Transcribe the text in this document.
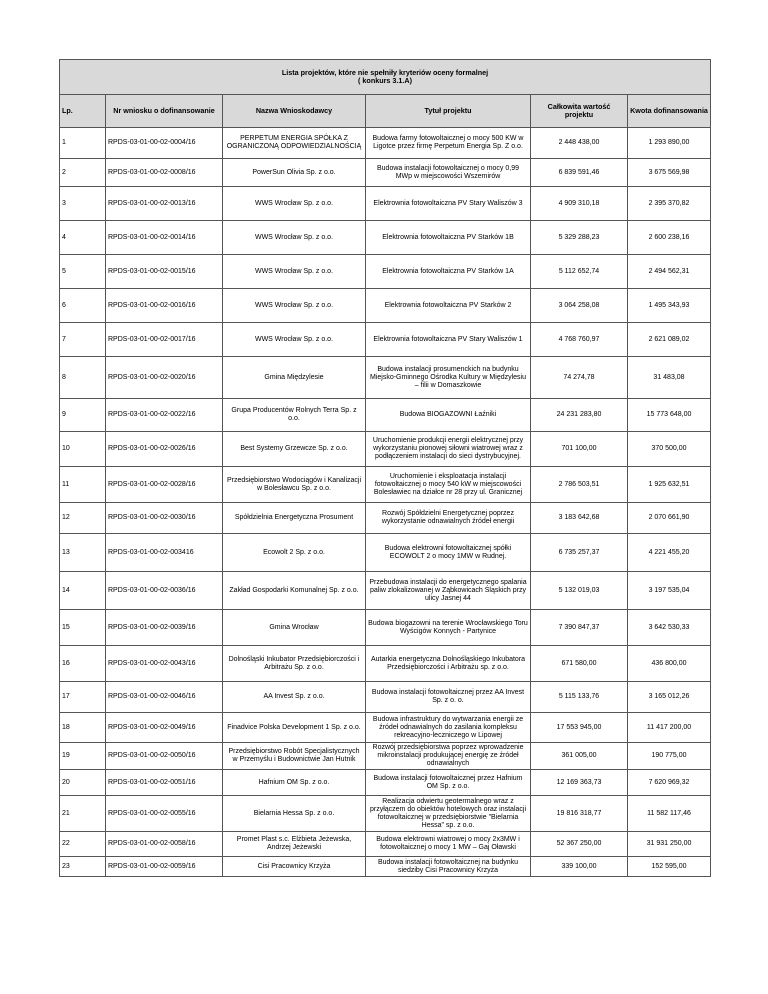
Lista projektów, które nie spełniły kryteriów oceny formalnej
( konkurs 3.1.A)					

Lp.	Nr wniosku o dofinansowanie	Nazwa Wnioskodawcy	Tytuł projektu	Całkowita wartość projektu	Kwota dofinansowania
1	RPDS-03-01-00-02-0004/16	PERPETUM ENERGIA SPÓŁKA Z OGRANICZONĄ ODPOWIEDZIALNOŚCIĄ	Budowa farmy fotowoltaicznej o mocy 500 KW w Ligotce przez firmę Perpetum Energia Sp. Z o.o.	2 448 438,00	1 293 890,00
2	RPDS-03-01-00-02-0008/16	PowerSun Olivia Sp. z o.o.	Budowa instalacji fotowoltaicznej o mocy 0,99 MWp w miejscowości Wszemirów	6 839 591,46	3 675 569,98
3	RPDS-03-01-00-02-0013/16	WWS Wrocław Sp. z o.o.	Elektrownia fotowoltaiczna PV Stary Waliszów 3	4 909 310,18	2 395 370,82
4	RPDS-03-01-00-02-0014/16	WWS Wrocław Sp. z o.o.	Elektrownia fotowoltaiczna PV Starków 1B	5 329 288,23	2 600 238,16
5	RPDS-03-01-00-02-0015/16	WWS Wrocław Sp. z o.o.	Elektrownia fotowoltaiczna PV Starków 1A	5 112 652,74	2 494 562,31
6	RPDS-03-01-00-02-0016/16	WWS Wrocław Sp. z o.o.	Elektrownia fotowoltaiczna PV Starków 2	3 064 258,08	1 495 343,93
7	RPDS-03-01-00-02-0017/16	WWS Wrocław Sp. z o.o.	Elektrownia fotowoltaiczna PV Stary Waliszów 1	4 768 760,97	2 621 089,02
8	RPDS-03-01-00-02-0020/16	Gmina Międzylesie	Budowa instalacji prosumenckich na budynku Miejsko-Gminnego Ośrodka Kultury w Międzylesiu – filii w Domaszkowie	74 274,78	31 483,08
9	RPDS-03-01-00-02-0022/16	Grupa Producentów Rolnych Terra Sp. z o.o.	Budowa BIOGAZOWNI Łaźniki	24 231 283,80	15 773 648,00
10	RPDS-03-01-00-02-0026/16	Best Systemy Grzewcze Sp. z o.o.	Uruchomienie produkcji energii elektrycznej przy wykorzystaniu pionowej siłowni wiatrowej wraz z podłączeniem instalacji do sieci dystrybucyjnej.	701 100,00	370 500,00
11	RPDS-03-01-00-02-0028/16	Przedsiębiorstwo Wodociągów i Kanalizacji w Bolesławcu Sp. z o.o.	Uruchomienie i eksploatacja instalacji fotowoltaicznej o mocy 540 kW w miejscowości Bolesławiec na działce nr 28 przy ul. Granicznej	2 786 503,51	1 925 632,51
12	RPDS-03-01-00-02-0030/16	Spółdzielnia Energetyczna Prosument	Rozwój Spółdzielni Energetycznej poprzez wykorzystanie odnawialnych źródeł energii	3 183 642,68	2 070 661,90
13	RPDS-03-01-00-02-003416	Ecowolt 2 Sp. z o.o.	Budowa elektrowni fotowoltaicznej spółki ECOWOLT 2 o mocy 1MW w Rudnej.	6 735 257,37	4 221 455,20
14	RPDS-03-01-00-02-0036/16	Zakład Gospodarki Komunalnej Sp. z o.o.	Przebudowa instalacji do energetycznego spalania paliw zlokalizowanej w Ząbkowicach Śląskich przy ulicy Jasnej 44	5 132 019,03	3 197 535,04
15	RPDS-03-01-00-02-0039/16	Gmina Wrocław	Budowa biogazowni na terenie Wrocławskiego Toru Wyścigów Konnych - Partynice	7 390 847,37	3 642 530,33
16	RPDS-03-01-00-02-0043/16	Dolnośląski Inkubator Przedsiębiorczości i Arbitrażu Sp. z o.o.	Autarkia energetyczna Dolnośląskiego Inkubatora Przedsiębiorczości i Arbitrażu sp. z o.o.	671 580,00	436 800,00
17	RPDS-03-01-00-02-0046/16	AA Invest Sp. z o.o.	Budowa instalacji fotowoltaicznej przez AA Invest Sp. z o. o.	5 115 133,76	3 165 012,26
18	RPDS-03-01-00-02-0049/16	Finadvice Polska Development 1 Sp. z o.o.	Budowa infrastruktury do wytwarzania energii ze źródeł odnawialnych do zasilania kompleksu rekreacyjno-leczniczego w Lipowej	17 553 945,00	11 417 200,00
19	RPDS-03-01-00-02-0050/16	Przedsiębiorstwo Robót Specjalistycznych w Przemyślu i Budownictwie Jan Hutnik	Rozwój przedsiębiorstwa poprzez wprowadzenie mikroinstalacji produkującej energię ze źródeł odnawialnych	361 005,00	190 775,00
20	RPDS-03-01-00-02-0051/16	Hafnium OM Sp. z o.o.	Budowa instalacji fotowoltaicznej przez Hafnium OM Sp. z o.o.	12 169 363,73	7 620 969,32
21	RPDS-03-01-00-02-0055/16	Bielarnia Hessa Sp. z o.o.	Realizacja odwiertu geotermalnego wraz z przyłączem do obiektów hotelowych oraz instalacji fotowoltaicznej w przedsiębiorstwie "Bielarnia Hessa" sp. z o.o.	19 816 318,77	11 582 117,46
22	RPDS-03-01-00-02-0058/16	Promet Plast s.c. Elżbieta Jeżewska, Andrzej Jeżewski	Budowa elektrowni wiatrowej o mocy 2x3MW i fotowoltaicznej o mocy 1 MW – Gaj Oławski	52 367 250,00	31 931 250,00
23	RPDS-03-01-00-02-0059/16	Cisi Pracownicy Krzyża	Budowa instalacji fotowoltaicznej na budynku siedziby Cisi Pracownicy Krzyża	339 100,00	152 595,00
